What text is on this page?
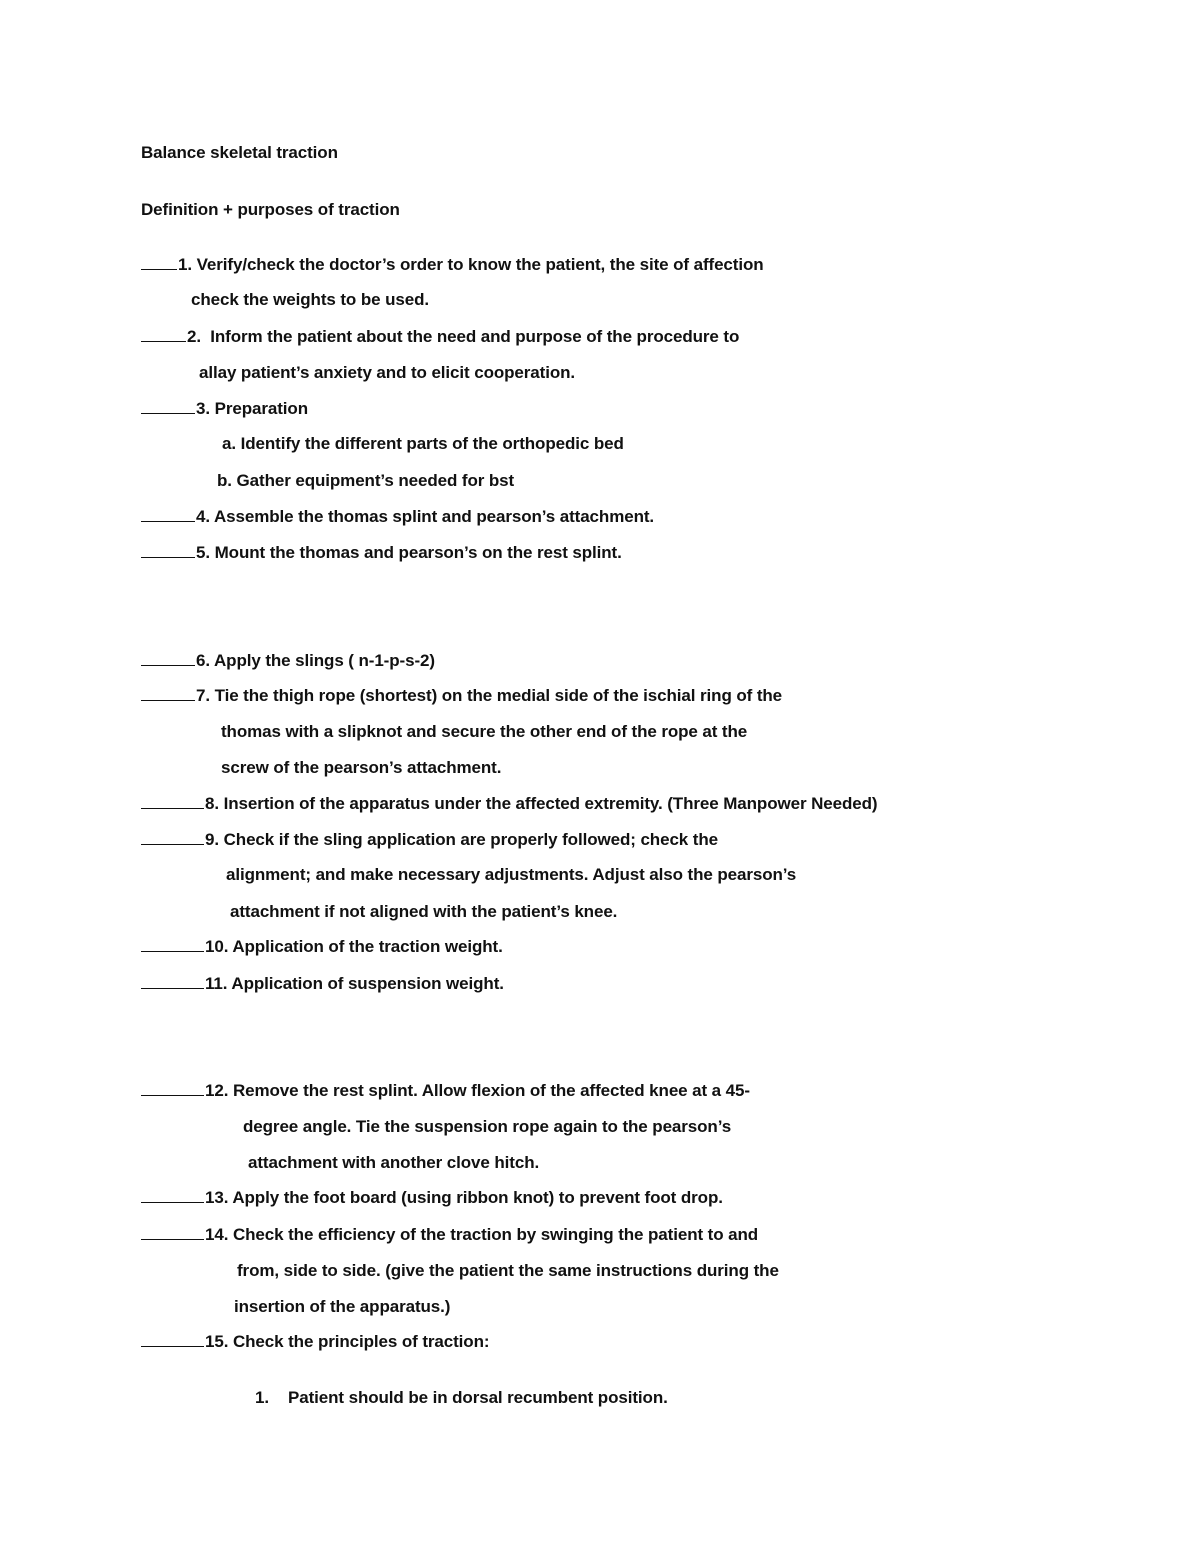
Balance skeletal traction
Definition + purposes of traction
1. Verify/check the doctor’s order to know the patient, the site of affection
check the weights to be used.
2. Inform the patient about the need and purpose of the procedure to
allay patient’s anxiety and to elicit cooperation.
3. Preparation
a. Identify the different parts of the orthopedic bed
b. Gather equipment’s needed for bst
4. Assemble the thomas splint and pearson’s attachment.
5. Mount the thomas and pearson’s on the rest splint.
6. Apply the slings ( n-1-p-s-2)
7. Tie the thigh rope (shortest) on the medial side of the ischial ring of the
thomas with a slipknot and secure the other end of the rope at the
screw of the pearson’s attachment.
8. Insertion of the apparatus under the affected extremity. (Three Manpower Needed)
9. Check if the sling application are properly followed; check the
alignment; and make necessary adjustments. Adjust also the pearson’s
attachment if not aligned with the patient’s knee.
10. Application of the traction weight.
11. Application of suspension weight.
12. Remove the rest splint. Allow flexion of the affected knee at a 45-
degree angle. Tie the suspension rope again to the pearson’s
attachment with another clove hitch.
13. Apply the foot board (using ribbon knot) to prevent foot drop.
14. Check the efficiency of the traction by swinging the patient to and
from, side to side. (give the patient the same instructions during the
insertion of the apparatus.)
15. Check the principles of traction:
1. Patient should be in dorsal recumbent position.
